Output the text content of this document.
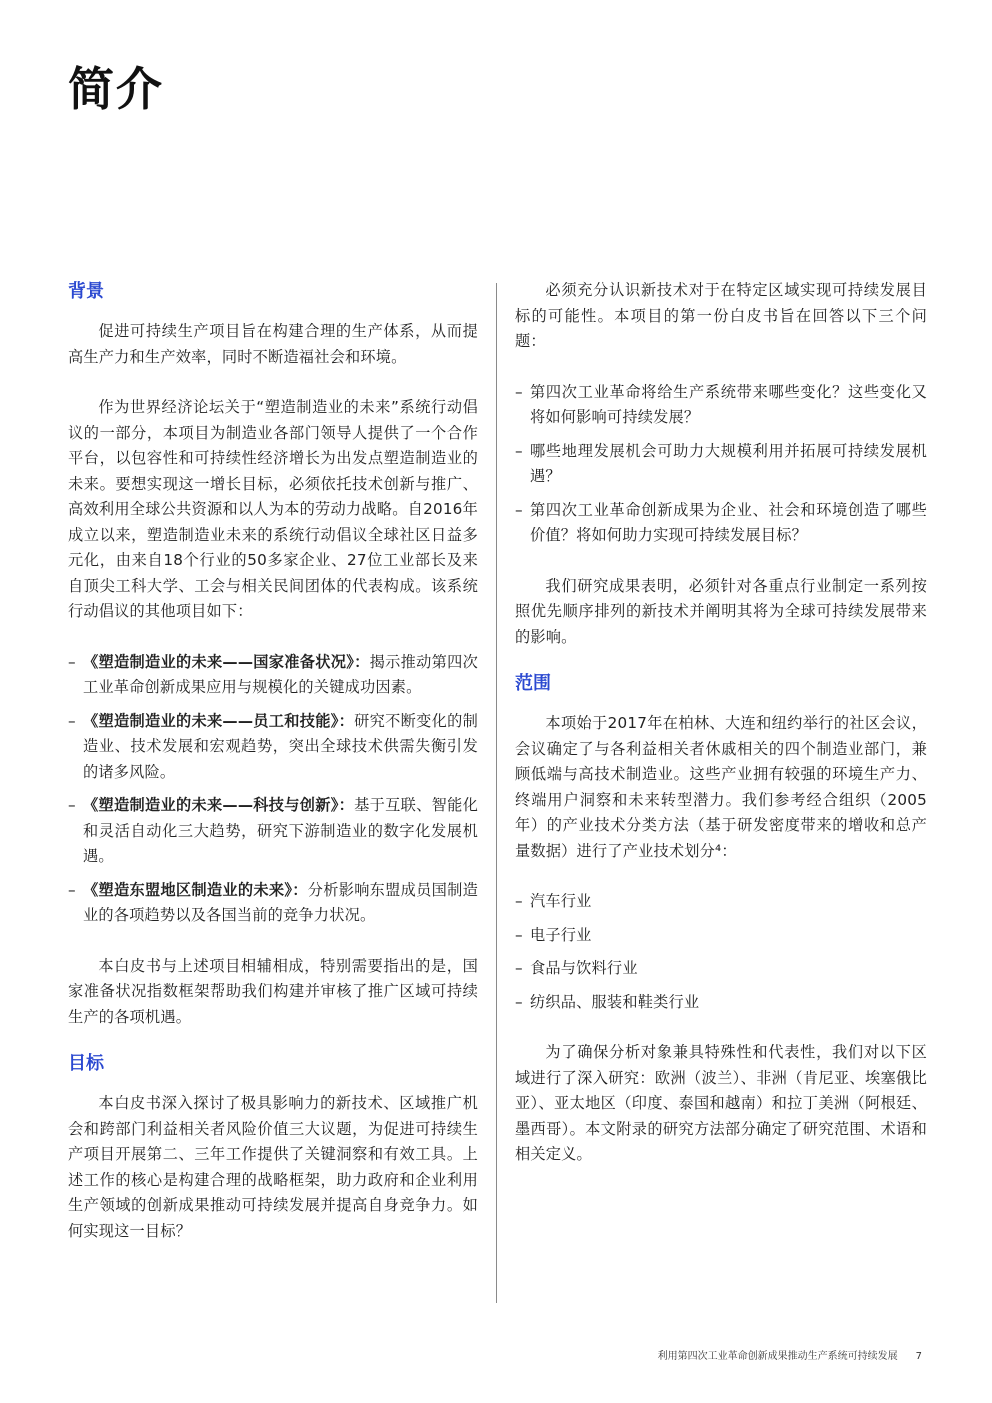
简介
背景

促进可持续生产项目旨在构建合理的生产体系，从而提高生产力和生产效率，同时不断造福社会和环境。

作为世界经济论坛关于“塑造制造业的未来”系统行动倡议的一部分，本项目为制造业各部门领导人提供了一个合作平台，以包容性和可持续性经济增长为出发点塑造制造业的未来。要想实现这一增长目标，必须依托技术创新与推广、高效利用全球公共资源和以人为本的劳动力战略。自2016年成立以来，塑造制造业未来的系统行动倡议全球社区日益多元化，由来自18个行业的50多家企业、27位工业部长及来自顶尖工科大学、工会与相关民间团体的代表构成。该系统行动倡议的其他项目如下：

– 《塑造制造业的未来——国家准备状况》：揭示推动第四次工业革命创新成果应用与规模化的关键成功因素。
– 《塑造制造业的未来——员工和技能》：研究不断变化的制造业、技术发展和宏观趋势，突出全球技术供需失衡引发的诸多风险。
– 《塑造制造业的未来——科技与创新》：基于互联、智能化和灵活自动化三大趋势，研究下游制造业的数字化发展机遇。
– 《塑造东盟地区制造业的未来》：分析影响东盟成员国制造业的各项趋势以及各国当前的竞争力状况。

本白皮书与上述项目相辅相成，特别需要指出的是，国家准备状况指数框架帮助我们构建并审核了推广区域可持续生产的各项机遇。

目标

本白皮书深入探讨了极具影响力的新技术、区域推广机会和跨部门利益相关者风险价值三大议题，为促进可持续生产项目开展第二、三年工作提供了关键洞察和有效工具。上述工作的核心是构建合理的战略框架，助力政府和企业利用生产领域的创新成果推动可持续发展并提高自身竞争力。如何实现这一目标？

必须充分认识新技术对于在特定区域实现可持续发展目标的可能性。本项目的第一份白皮书旨在回答以下三个问题：

– 第四次工业革命将给生产系统带来哪些变化？这些变化又将如何影响可持续发展？
– 哪些地理发展机会可助力大规模利用并拓展可持续发展机遇？
– 第四次工业革命创新成果为企业、社会和环境创造了哪些价值？将如何助力实现可持续发展目标？

我们研究成果表明，必须针对各重点行业制定一系列按照优先顺序排列的新技术并阐明其将为全球可持续发展带来的影响。

范围

本项始于2017年在柏林、大连和纽约举行的社区会议，会议确定了与各利益相关者休戚相关的四个制造业部门，兼顾低端与高技术制造业。这些产业拥有较强的环境生产力、终端用户洞察和未来转型潜力。我们参考经合组织（2005年）的产业技术分类方法（基于研发密度带来的增收和总产量数据）进行了产业技术划分⁴：

– 汽车行业
– 电子行业
– 食品与饮料行业
– 纺织品、服装和鞋类行业

为了确保分析对象兼具特殊性和代表性，我们对以下区域进行了深入研究：欧洲（波兰）、非洲（肯尼亚、埃塞俄比亚）、亚太地区（印度、泰国和越南）和拉丁美洲（阿根廷、墨西哥）。本文附录的研究方法部分确定了研究范围、术语和相关定义。

利用第四次工业革命创新成果推动生产系统可持续发展 7
